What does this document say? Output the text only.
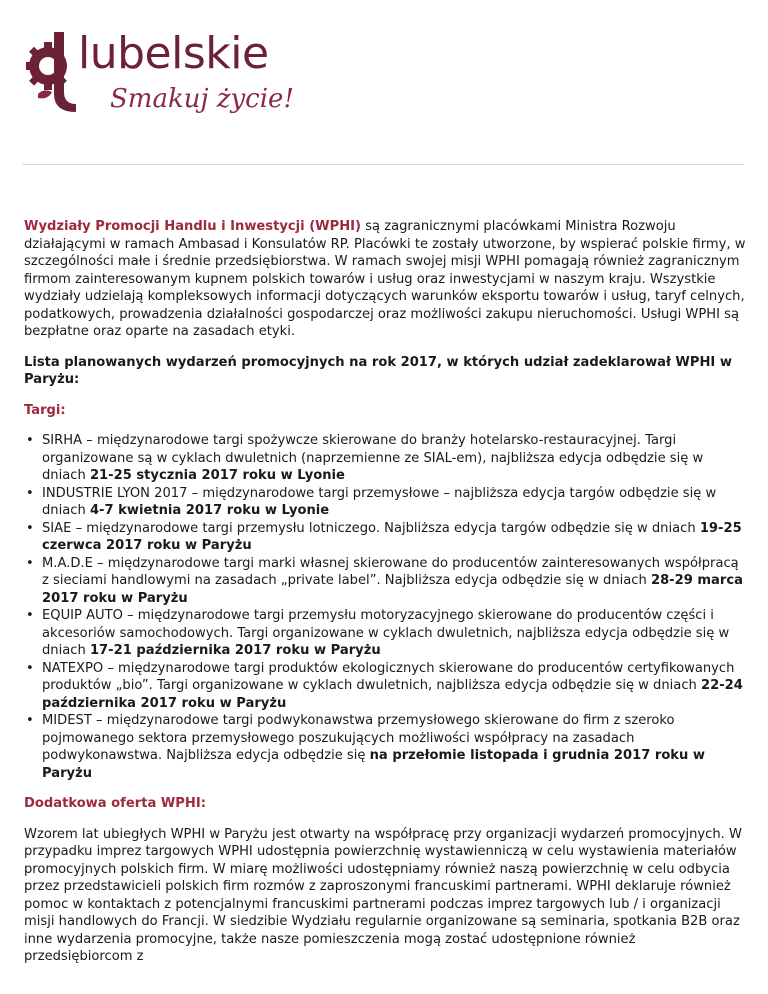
lubelskie
Smakuj życie!

Wydziały Promocji Handlu i Inwestycji (WPHI) są zagranicznymi placówkami Ministra Rozwoju działającymi w ramach Ambasad i Konsulatów RP. Placówki te zostały utworzone, by wspierać polskie firmy, w szczególności małe i średnie przedsiębiorstwa. W ramach swojej misji WPHI pomagają również zagranicznym firmom zainteresowanym kupnem polskich towarów i usług oraz inwestycjami w naszym kraju. Wszystkie wydziały udzielają kompleksowych informacji dotyczących warunków eksportu towarów i usług, taryf celnych, podatkowych, prowadzenia działalności gospodarczej oraz możliwości zakupu nieruchomości. Usługi WPHI są bezpłatne oraz oparte na zasadach etyki.

Lista planowanych wydarzeń promocyjnych na rok 2017, w których udział zadeklarował WPHI w Paryżu:

Targi:

• SIRHA – międzynarodowe targi spożywcze skierowane do branży hotelarsko-restauracyjnej. Targi organizowane są w cyklach dwuletnich (naprzemienne ze SIAL-em), najbliższa edycja odbędzie się w dniach 21-25 stycznia 2017 roku w Lyonie
• INDUSTRIE LYON 2017 – międzynarodowe targi przemysłowe – najbliższa edycja targów odbędzie się w dniach 4-7 kwietnia 2017 roku w Lyonie
• SIAE – międzynarodowe targi przemysłu lotniczego. Najbliższa edycja targów odbędzie się w dniach 19-25 czerwca 2017 roku w Paryżu
• M.A.D.E – międzynarodowe targi marki własnej skierowane do producentów zainteresowanych współpracą z sieciami handlowymi na zasadach „private label”. Najbliższa edycja odbędzie się w dniach 28-29 marca 2017 roku w Paryżu
• EQUIP AUTO – międzynarodowe targi przemysłu motoryzacyjnego skierowane do producentów części i akcesoriów samochodowych. Targi organizowane w cyklach dwuletnich, najbliższa edycja odbędzie się w dniach 17-21 października 2017 roku w Paryżu
• NATEXPO – międzynarodowe targi produktów ekologicznych skierowane do producentów certyfikowanych produktów „bio”. Targi organizowane w cyklach dwuletnich, najbliższa edycja odbędzie się w dniach 22-24 października 2017 roku w Paryżu
• MIDEST – międzynarodowe targi podwykonawstwa przemysłowego skierowane do firm z szeroko pojmowanego sektora przemysłowego poszukujących możliwości współpracy na zasadach podwykonawstwa. Najbliższa edycja odbędzie się na przełomie listopada i grudnia 2017 roku w Paryżu

Dodatkowa oferta WPHI:

Wzorem lat ubiegłych WPHI w Paryżu jest otwarty na współpracę przy organizacji wydarzeń promocyjnych. W przypadku imprez targowych WPHI udostępnia powierzchnię wystawienniczą w celu wystawienia materiałów promocyjnych polskich firm. W miarę możliwości udostępniamy również naszą powierzchnię w celu odbycia przez przedstawicieli polskich firm rozmów z zaproszonymi francuskimi partnerami. WPHI deklaruje również pomoc w kontaktach z potencjalnymi francuskimi partnerami podczas imprez targowych lub / i organizacji misji handlowych do Francji. W siedzibie Wydziału regularnie organizowane są seminaria, spotkania B2B oraz inne wydarzenia promocyjne, także nasze pomieszczenia mogą zostać udostępnione również przedsiębiorcom z
